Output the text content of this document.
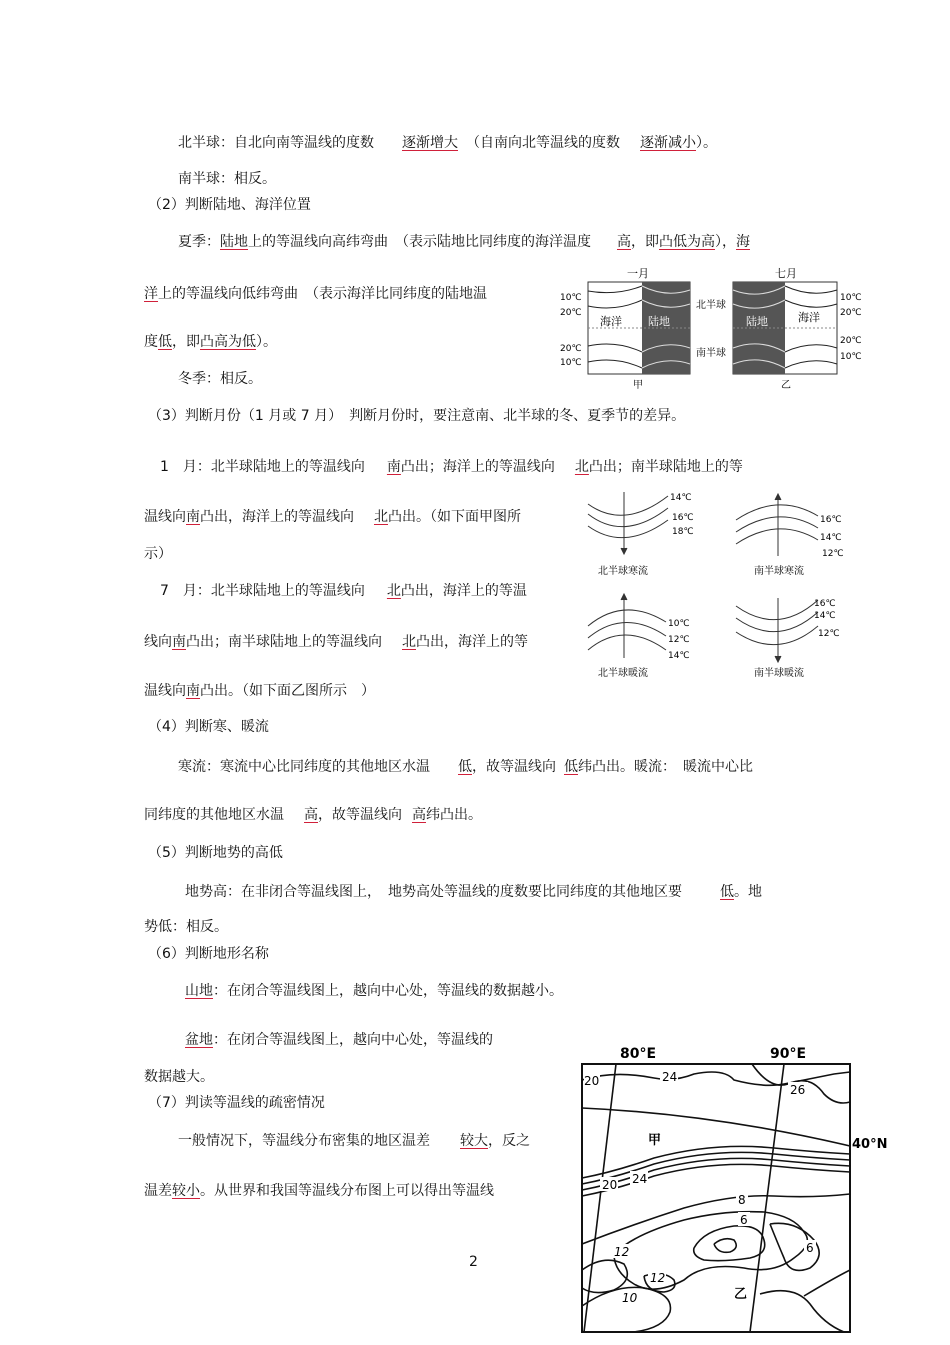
北半球：自北向南等温线的度数 逐渐增大 （自南向北等温线的度数 逐渐减小）。
南半球：相反。
（2）判断陆地、海洋位置
夏季：陆地上的等温线向高纬弯曲　（表示陆地比同纬度的海洋温度 高，即凸低为高），海
洋上的等温线向低纬弯曲　（表示海洋比同纬度的陆地温
度低，即凸高为低）。
冬季：相反。
（3）判断月份（1 月或 7 月）　判断月份时，要注意南、北半球的冬、夏季节的差异。
1　月：北半球陆地上的等温线向 南凸出；海洋上的等温线向 北凸出；南半球陆地上的等
温线向南凸出，海洋上的等温线向 北凸出。（如下面甲图所
示）
7　月：北半球陆地上的等温线向 北凸出，海洋上的等温
线向南凸出；南半球陆地上的等温线向 北凸出，海洋上的等
温线向南凸出。（如下面乙图所示　）
（4）判断寒、暖流
寒流：寒流中心比同纬度的其他地区水温 低，故等温线向 低纬凸出。暖流：　暖流中心比
同纬度的其他地区水温 高，故等温线向 高纬凸出。
（5）判断地势的高低
地势高：在非闭合等温线图上，　地势高处等温线的度数要比同纬度的其他地区要	低。地
势低：相反。
（6）判断地形名称
山地：在闭合等温线图上，越向中心处，等温线的数据越小。
盆地：在闭合等温线图上，越向中心处，等温线的
数据越大。
（7）判读等温线的疏密情况
一般情况下，等温线分布密集的地区温差 较大，反之
温差较小。从世界和我国等温线分布图上可以得出等温线
2
一月	七月
10℃
20℃
20℃
10℃
海洋 陆地
甲
北半球
南半球
陆地	海洋
10℃
20℃
20℃
10℃
乙
14℃
16℃
18℃
北半球寒流
16℃
14℃
12℃
南半球寒流
10℃
12℃
14℃
北半球暖流
16℃
14℃
12℃
南半球暖流
80°E	90°E
20	24
26
甲	40°N
20 24
8
6
6
12
12
10	乙
